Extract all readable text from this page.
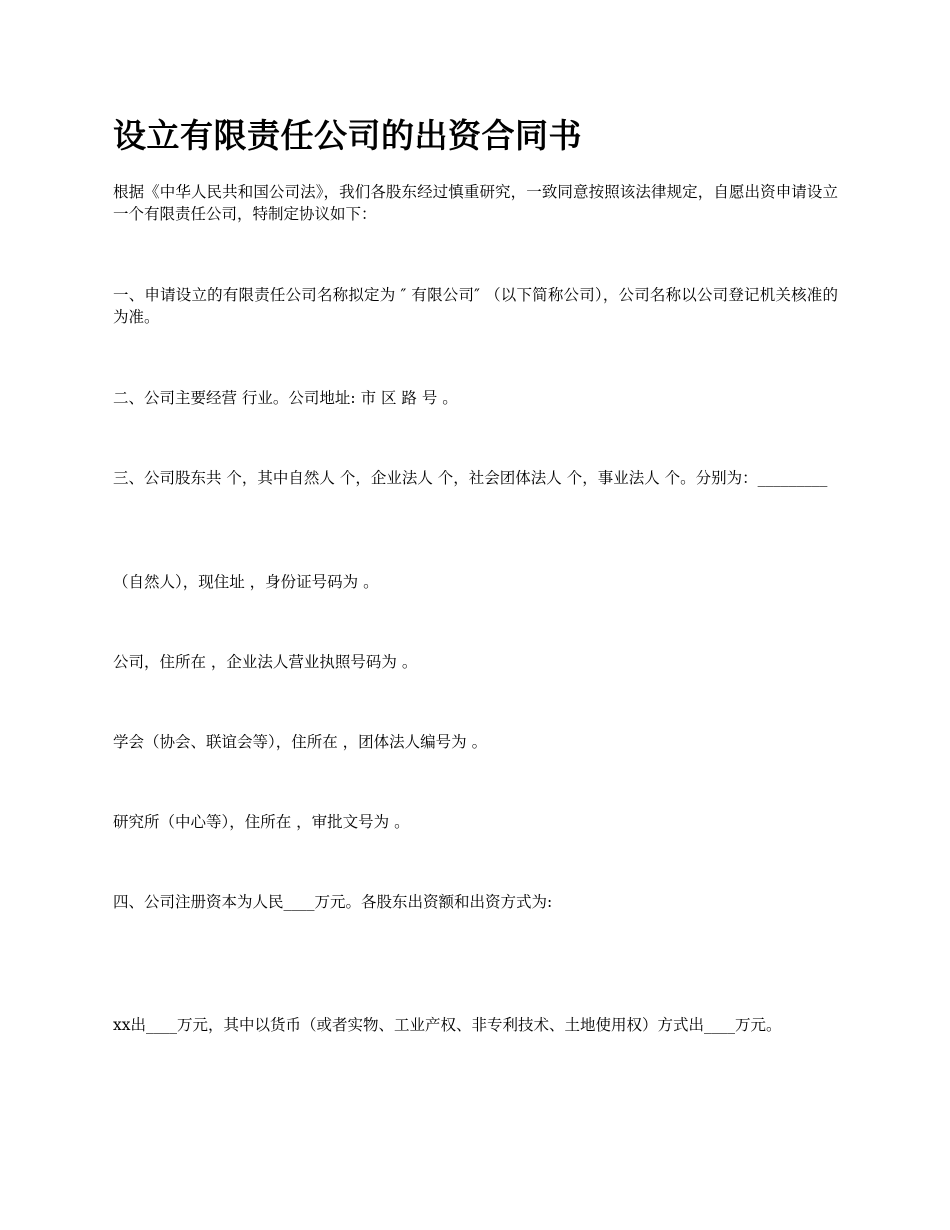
设立有限责任公司的出资合同书

根据《中华人民共和国公司法》，我们各股东经过慎重研究，一致同意按照该法律规定，自愿出资申请设立一个有限责任公司，特制定协议如下：

一、申请设立的有限责任公司名称拟定为 ″ 有限公司″ （以下简称公司），公司名称以公司登记机关核准的为准。

二、公司主要经营 行业。公司地址: 市 区 路 号 。

三、公司股东共 个，其中自然人 个，企业法人 个，社会团体法人 个，事业法人 个。分别为：_________

（自然人），现住址 ，身份证号码为 。

公司，住所在 ，企业法人营业执照号码为 。

学会（协会、联谊会等），住所在 ，团体法人编号为 。

研究所（中心等），住所在 ，审批文号为 。

四、公司注册资本为人民____万元。各股东出资额和出资方式为:

xx出____万元，其中以货币（或者实物、工业产权、非专利技术、土地使用权）方式出____万元。
